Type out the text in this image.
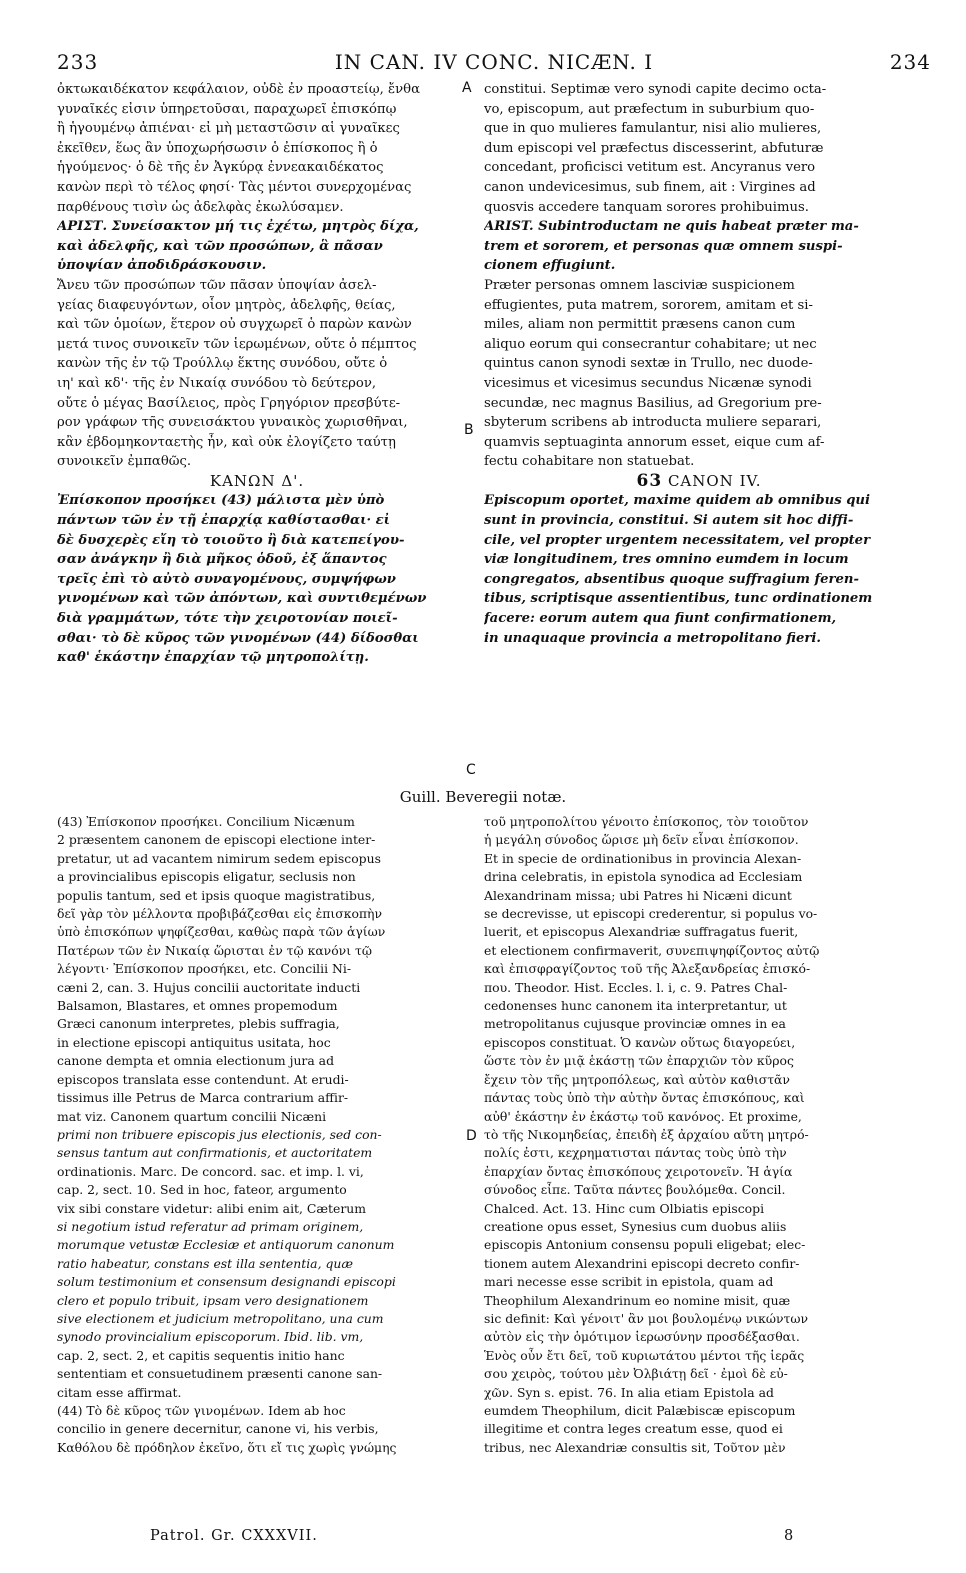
233	IN CAN. IV CONC. NICÆN. I	234
ὀκτωκαιδέκατον κεφάλαιον, οὐδὲ ἐν προαστείῳ, ἔνθα
γυναῖκές εἰσιν ὑπηρετοῦσαι, παραχωρεῖ ἐπισκόπῳ
ἢ ἡγουμένῳ ἀπιέναι· εἰ μὴ μεταστῶσιν αἱ γυναῖκες
ἐκεῖθεν, ἕως ἂν ὑποχωρήσωσιν ὁ ἐπίσκοπος ἢ ὁ
ἡγούμενος· ὁ δὲ τῆς ἐν Ἀγκύρᾳ ἐννεακαιδέκατος
κανὼν περὶ τὸ τέλος φησί· Τὰς μέντοι συνερχομένας
παρθένους τισὶν ὡς ἀδελφὰς ἐκωλύσαμεν.
ΑΡΙΣΤ. Συνείσακτον μή τις ἐχέτω, μητρὸς δίχα,
καὶ ἀδελφῆς, καὶ τῶν προσώπων, ἃ πᾶσαν
ὑποψίαν ἀποδιδράσκουσιν.
Ἄνευ τῶν προσώπων τῶν πᾶσαν ὑποψίαν ἀσελ-
γείας διαφευγόντων, οἷον μητρὸς, ἀδελφῆς, θείας,
καὶ τῶν ὁμοίων, ἕτερον οὐ συγχωρεῖ ὁ παρὼν κανὼν
μετά τινος συνοικεῖν τῶν ἱερωμένων, οὔτε ὁ πέμπτος
κανὼν τῆς ἐν τῷ Τρούλλῳ ἕκτης συνόδου, οὔτε ὁ
ιη' καὶ κδ'· τῆς ἐν Νικαίᾳ συνόδου τὸ δεύτερον,
οὔτε ὁ μέγας Βασίλειος, πρὸς Γρηγόριον πρεσβύτε-
ρον γράφων τῆς συνεισάκτου γυναικὸς χωρισθῆναι,
κἂν ἑβδομηκονταετὴς ἦν, καὶ οὐκ ἐλογίζετο ταύτῃ
συνοικεῖν ἐμπαθῶς.
ΚΑΝΩΝ Δ'.
Ἐπίσκοπον προσήκει (43) μάλιστα μὲν ὑπὸ
πάντων τῶν ἐν τῇ ἐπαρχίᾳ καθίστασθαι· εἰ
δὲ δυσχερὲς εἴη τὸ τοιοῦτο ἢ διὰ κατεπείγου-
σαν ἀνάγκην ἢ διὰ μῆκος ὁδοῦ, ἐξ ἅπαντος
τρεῖς ἐπὶ τὸ αὐτὸ συναγομένους, συμψήφων
γινομένων καὶ τῶν ἀπόντων, καὶ συντιθεμένων
διὰ γραμμάτων, τότε τὴν χειροτονίαν ποιεῖ-
σθαι· τὸ δὲ κῦρος τῶν γινομένων (44) δίδοσθαι
καθ' ἑκάστην ἐπαρχίαν τῷ μητροπολίτῃ.
constitui. Septimæ vero synodi capite decimo octa-
vo, episcopum, aut præfectum in suburbium quo-
que in quo mulieres famulantur, nisi alio mulieres,
dum episcopi vel præfectus discesserint, abfuturæ
concedant, proficisci vetitum est. Ancyranus vero
canon undevicesimus, sub finem, ait : Virgines ad
quosvis accedere tanquam sorores prohibuimus.
ARIST. Subintroductam ne quis habeat præter ma-
trem et sororem, et personas quæ omnem suspi-
cionem effugiunt.
Præter personas omnem lasciviæ suspicionem
effugientes, puta matrem, sororem, amitam et si-
miles, aliam non permittit præsens canon cum
aliquo eorum qui consecrantur cohabitare; ut nec
quintus canon synodi sextæ in Trullo, nec duode-
vicesimus et vicesimus secundus Nicænæ synodi
secundæ, nec magnus Basilius, ad Gregorium pre-
sbyterum scribens ab introducta muliere separari,
quamvis septuaginta annorum esset, eique cum af-
fectu cohabitare non statuebat.
63 CANON IV.
Episcopum oportet, maxime quidem ab omnibus qui
sunt in provincia, constitui. Si autem sit hoc diffi-
cile, vel propter urgentem necessitatem, vel propter
viæ longitudinem, tres omnino eumdem in locum
congregatos, absentibus quoque suffragium feren-
tibus, scriptisque assentientibus, tunc ordinationem
facere: eorum autem qua fiunt confirmationem,
in unaquaque provincia a metropolitano fieri.
A
B
C
D
Guill. Beveregii notæ.
(43) Ἐπίσκοπον προσήκει. Concilium Nicænum
2 præsentem canonem de episcopi electione inter-
pretatur, ut ad vacantem nimirum sedem episcopus
a provincialibus episcopis eligatur, seclusis non
populis tantum, sed et ipsis quoque magistratibus,
δεῖ γὰρ τὸν μέλλοντα προβιβάζεσθαι εἰς ἐπισκοπὴν
ὑπὸ ἐπισκόπων ψηφίζεσθαι, καθὼς παρὰ τῶν ἁγίων
Πατέρων τῶν ἐν Νικαίᾳ ὥρισται ἐν τῷ κανόνι τῷ
λέγοντι· Ἐπίσκοπον προσήκει, etc. Concilii Ni-
cæni 2, can. 3. Hujus concilii auctoritate inducti
Balsamon, Blastares, et omnes propemodum
Græci canonum interpretes, plebis suffragia,
in electione episcopi antiquitus usitata, hoc
canone dempta et omnia electionum jura ad
episcopos translata esse contendunt. At erudi-
tissimus ille Petrus de Marca contrarium affir-
mat viz. Canonem quartum concilii Nicæni
primi non tribuere episcopis jus electionis, sed con-
sensus tantum aut confirmationis, et auctoritatem
ordinationis. Marc. De concord. sac. et imp. l. vi,
cap. 2, sect. 10. Sed in hoc, fateor, argumento
vix sibi constare videtur: alibi enim ait, Cæterum
si negotium istud referatur ad primam originem,
morumque vetustæ Ecclesiæ et antiquorum canonum
ratio habeatur, constans est illa sententia, quæ
solum testimonium et consensum designandi episcopi
clero et populo tribuit, ipsam vero designationem
sive electionem et judicium metropolitano, una cum
synodo provincialium episcoporum. Ibid. lib. vm,
cap. 2, sect. 2, et capitis sequentis initio hanc
sententiam et consuetudinem præsenti canone san-
citam esse affirmat.
(44) Τὸ δὲ κῦρος τῶν γινομένων. Idem ab hoc
concilio in genere decernitur, canone vi, his verbis,
Καθόλου δὲ πρόδηλον ἐκεῖνο, ὅτι εἴ τις χωρὶς γνώμης
τοῦ μητροπολίτου γένοιτο ἐπίσκοπος, τὸν τοιοῦτον
ἡ μεγάλη σύνοδος ὥρισε μὴ δεῖν εἶναι ἐπίσκοπον.
Et in specie de ordinationibus in provincia Alexan-
drina celebratis, in epistola synodica ad Ecclesiam
Alexandrinam missa; ubi Patres hi Nicæni dicunt
se decrevisse, ut episcopi crederentur, si populus vo-
luerit, et episcopus Alexandriæ suffragatus fuerit,
et electionem confirmaverit, συνεπιψηφίζοντος αὐτῷ
καὶ ἐπισφραγίζοντος τοῦ τῆς Ἀλεξανδρείας ἐπισκό-
που. Theodor. Hist. Eccles. l. i, c. 9. Patres Chal-
cedonenses hunc canonem ita interpretantur, ut
metropolitanus cujusque provinciæ omnes in ea
episcopos constituat. Ὁ κανὼν οὕτως διαγορεύει,
ὥστε τὸν ἐν μιᾷ ἑκάστῃ τῶν ἐπαρχιῶν τὸν κῦρος
ἔχειν τὸν τῆς μητροπόλεως, καὶ αὐτὸν καθιστᾶν
πάντας τοὺς ὑπὸ τὴν αὐτὴν ὄντας ἐπισκόπους, καὶ
αὐθ' ἑκάστην ἐν ἑκάστῳ τοῦ κανόνος. Et proxime,
τὸ τῆς Νικομηδείας, ἐπειδὴ ἐξ ἀρχαίου αὕτη μητρό-
πολίς ἐστι, κεχρηματισται πάντας τοὺς ὑπὸ τὴν
ἐπαρχίαν ὄντας ἐπισκόπους χειροτονεῖν. Ἡ ἁγία
σύνοδος εἶπε. Ταῦτα πάντες βουλόμεθα. Concil.
Chalced. Act. 13. Hinc cum Olbiatis episcopi
creatione opus esset, Synesius cum duobus aliis
episcopis Antonium consensu populi eligebat; elec-
tionem autem Alexandrini episcopi decreto confir-
mari necesse esse scribit in epistola, quam ad
Theophilum Alexandrinum eo nomine misit, quæ
sic definit: Καὶ γένοιτ' ἂν μοι βουλομένῳ νικώντων
αὐτὸν εἰς τὴν ὁμότιμον ἱερωσύνην προσδέξασθαι.
Ἑνὸς οὖν ἔτι δεῖ, τοῦ κυριωτάτου μέντοι τῆς ἱερᾶς
σου χειρὸς, τούτου μὲν Ὀλβιάτῃ δεῖ · ἐμοὶ δὲ εὐ-
χῶν. Syn s. epist. 76. In alia etiam Epistola ad
eumdem Theophilum, dicit Palæbiscæ episcopum
illegitime et contra leges creatum esse, quod ei
tribus, nec Alexandriæ consultis sit, Τοῦτον μὲν
Patrol. Gr. CXXXVII.	8
